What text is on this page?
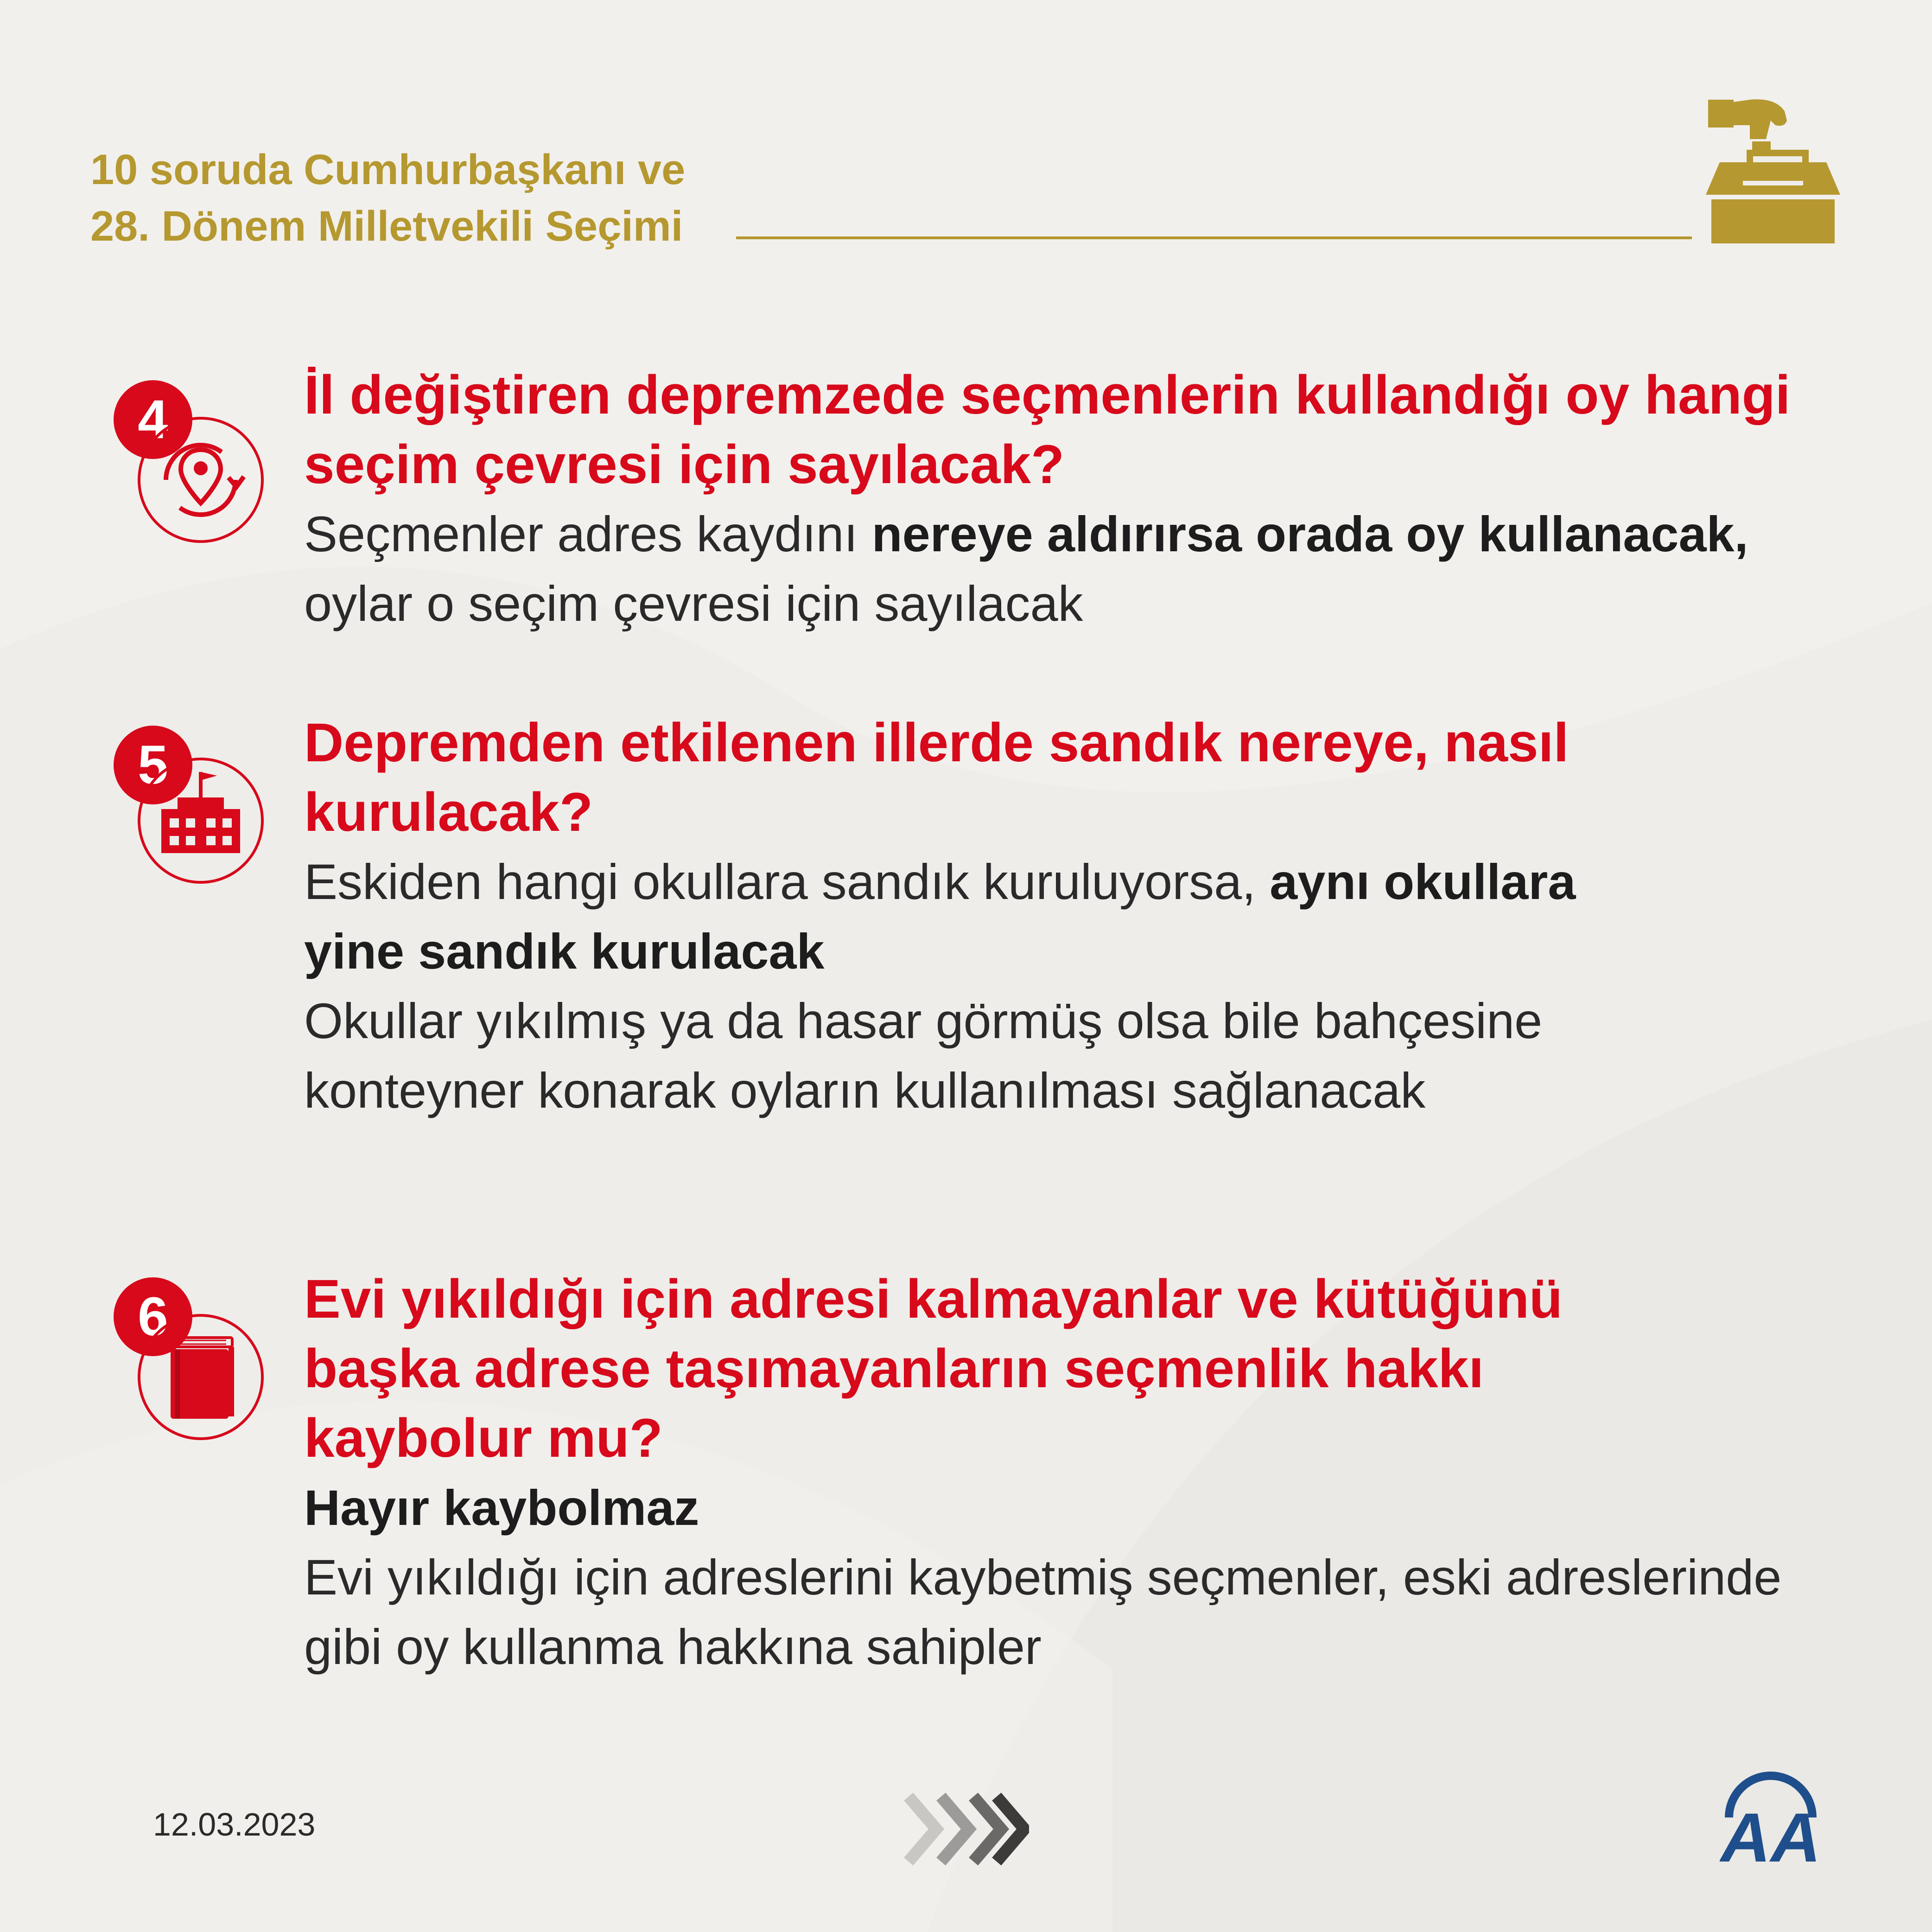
10 soruda Cumhurbaşkanı ve
28. Dönem Milletvekili Seçimi
4	İl değiştiren depremzede seçmenlerin kullandığı oy hangi seçim çevresi için sayılacak?

Seçmenler adres kaydını nereye aldırırsa orada oy kullanacak, oylar o seçim çevresi için sayılacak

5	Depremden etkilenen illerde sandık nereye, nasıl kurulacak?

Eskiden hangi okullara sandık kuruluyorsa, aynı okullara yine sandık kurulacak
Okullar yıkılmış ya da hasar görmüş olsa bile bahçesine konteyner konarak oyların kullanılması sağlanacak

6	Evi yıkıldığı için adresi kalmayanlar ve kütüğünü başka adrese taşımayanların seçmenlik hakkı kaybolur mu?

Hayır kaybolmaz
Evi yıkıldığı için adreslerini kaybetmiş seçmenler, eski adreslerinde gibi oy kullanma hakkına sahipler

12.03.2023	AA
